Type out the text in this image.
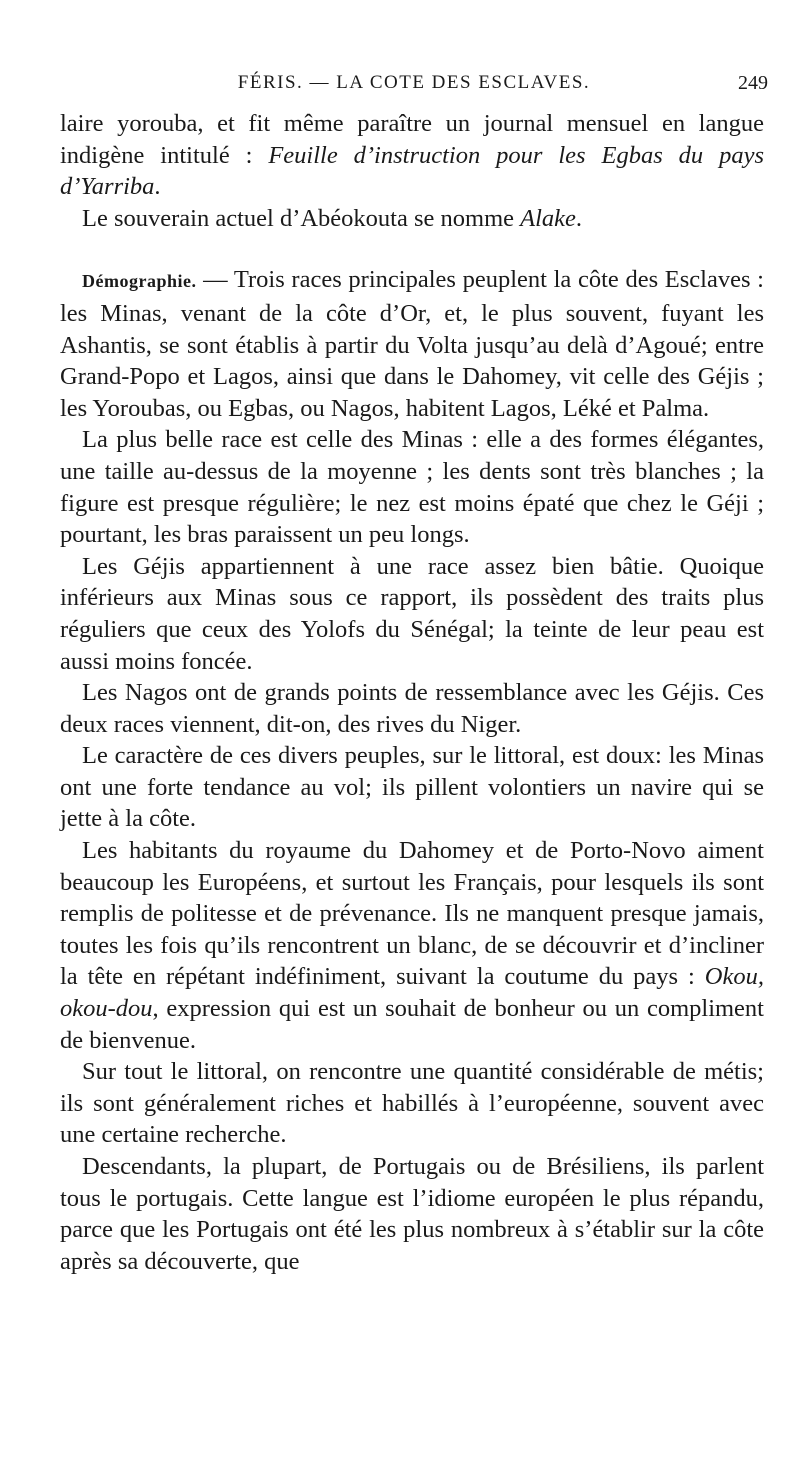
FÉRIS. — LA COTE DES ESCLAVES.	249

laire yorouba, et fit même paraître un journal mensuel en langue indigène intitulé : Feuille d’instruction pour les Egbas du pays d’Yarriba.

Le souverain actuel d’Abéokouta se nomme Alake.

Démographie. — Trois races principales peuplent la côte des Esclaves : les Minas, venant de la côte d’Or, et, le plus souvent, fuyant les Ashantis, se sont établis à partir du Volta jusqu’au delà d’Agoué; entre Grand-Popo et Lagos, ainsi que dans le Dahomey, vit celle des Géjis ; les Yoroubas, ou Egbas, ou Nagos, habitent Lagos, Léké et Palma.

La plus belle race est celle des Minas : elle a des formes élégantes, une taille au-dessus de la moyenne ; les dents sont très blanches ; la figure est presque régulière; le nez est moins épaté que chez le Géji ; pourtant, les bras paraissent un peu longs.

Les Géjis appartiennent à une race assez bien bâtie. Quoique inférieurs aux Minas sous ce rapport, ils possèdent des traits plus réguliers que ceux des Yolofs du Sénégal; la teinte de leur peau est aussi moins foncée.

Les Nagos ont de grands points de ressemblance avec les Géjis. Ces deux races viennent, dit-on, des rives du Niger.

Le caractère de ces divers peuples, sur le littoral, est doux: les Minas ont une forte tendance au vol; ils pillent volontiers un navire qui se jette à la côte.

Les habitants du royaume du Dahomey et de Porto-Novo aiment beaucoup les Européens, et surtout les Français, pour lesquels ils sont remplis de politesse et de prévenance. Ils ne manquent presque jamais, toutes les fois qu’ils rencontrent un blanc, de se découvrir et d’incliner la tête en répétant indéfiniment, suivant la coutume du pays : Okou, okou-dou, expression qui est un souhait de bonheur ou un compliment de bienvenue.

Sur tout le littoral, on rencontre une quantité considérable de métis; ils sont généralement riches et habillés à l’européenne, souvent avec une certaine recherche.

Descendants, la plupart, de Portugais ou de Brésiliens, ils parlent tous le portugais. Cette langue est l’idiome européen le plus répandu, parce que les Portugais ont été les plus nombreux à s’établir sur la côte après sa découverte, que
